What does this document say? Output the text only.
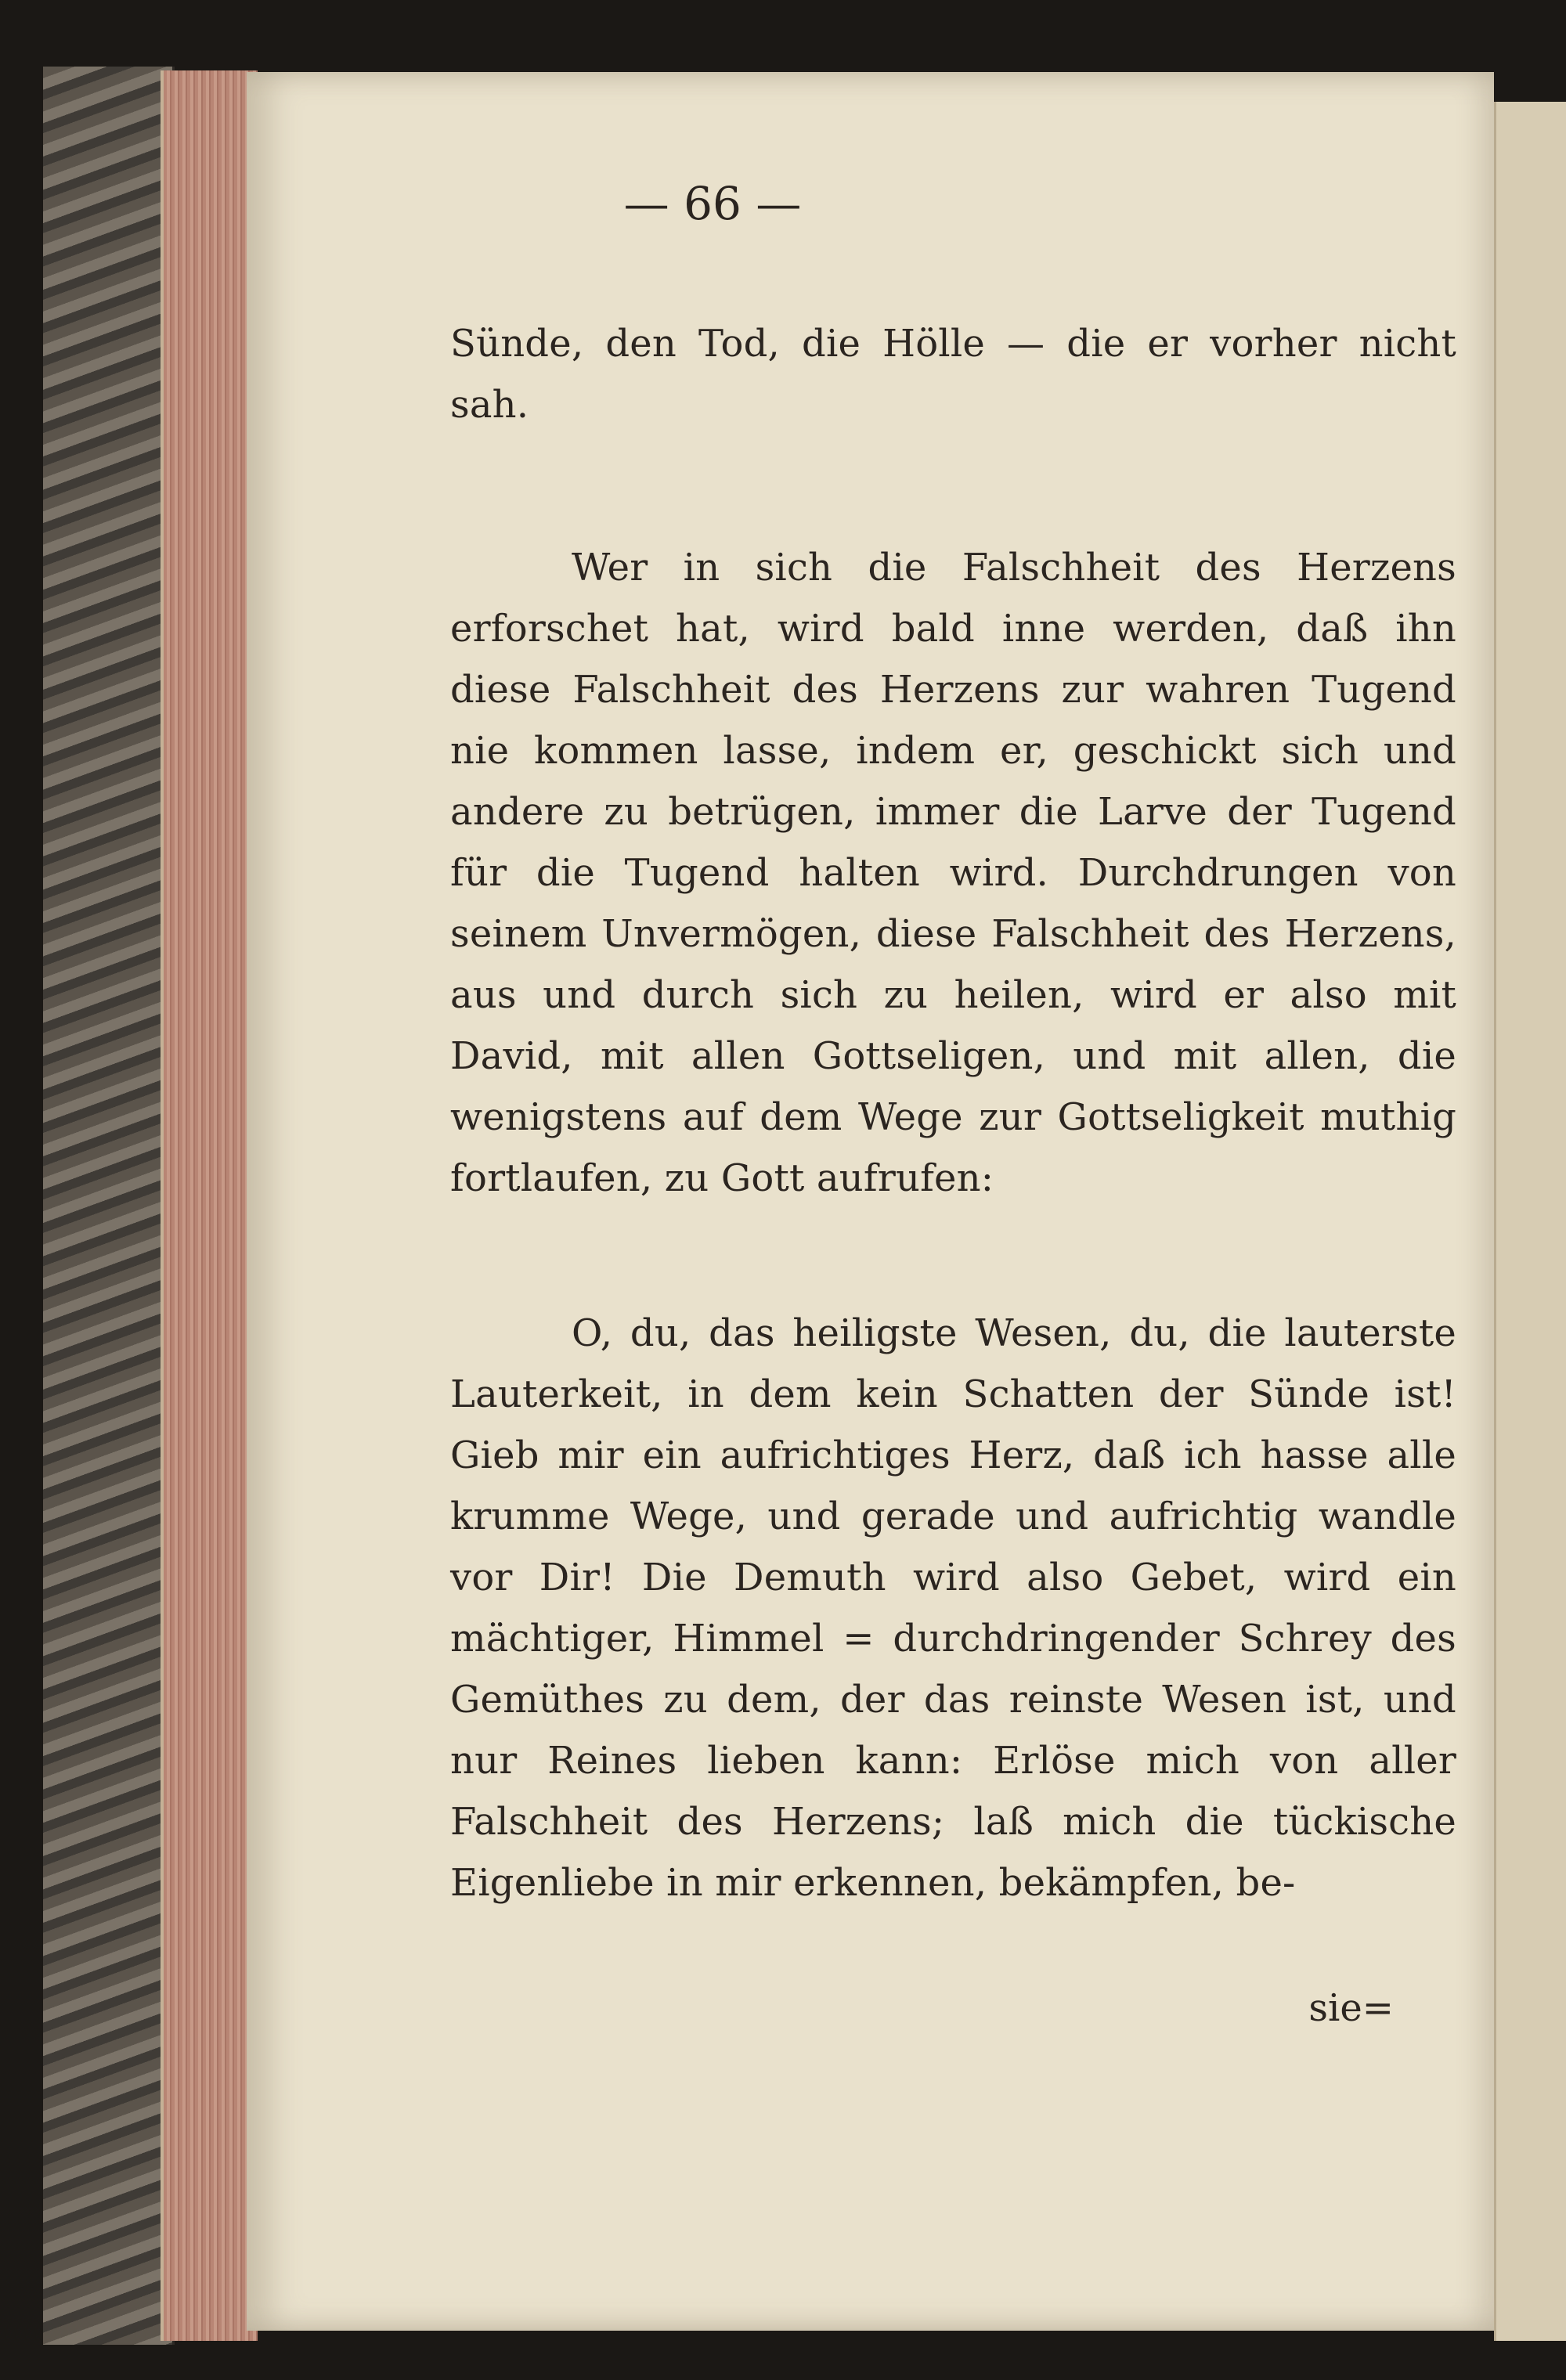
— 66 —

Sünde, den Tod, die Hölle — die er vorher nicht sah.

Wer in sich die Falschheit des Herzens erforschet hat, wird bald inne werden, daß ihn diese Falschheit des Herzens zur wahren Tugend nie kommen lasse, indem er, geschickt sich und andere zu betrügen, immer die Larve der Tugend für die Tugend halten wird. Durchdrungen von seinem Unvermögen, diese Falschheit des Herzens, aus und durch sich zu heilen, wird er also mit David, mit allen Gottseligen, und mit allen, die wenigstens auf dem Wege zur Gottseligkeit muthig fortlaufen, zu Gott aufrufen:

O, du, das heiligste Wesen, du, die lauterste Lauterkeit, in dem kein Schatten der Sünde ist! Gieb mir ein aufrichtiges Herz, daß ich hasse alle krumme Wege, und gerade und aufrichtig wandle vor Dir! Die Demuth wird also Gebet, wird ein mächtiger, Himmel = durchdringender Schrey des Gemüthes zu dem, der das reinste Wesen ist, und nur Reines lieben kann: Erlöse mich von aller Falschheit des Herzens; laß mich die tückische Eigenliebe in mir erkennen, bekämpfen, be-

sie=
